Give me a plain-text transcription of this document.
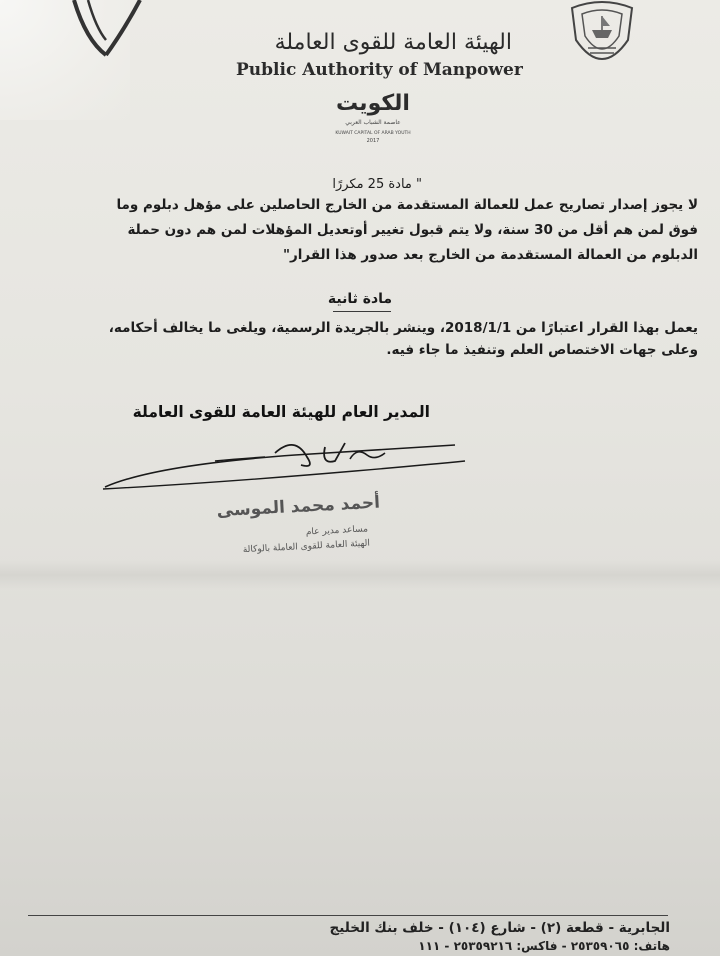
الهيئة العامة للقوى العاملة
Public Authority of Manpower
الكويت
عاصمة الشباب العربي
KUWAIT CAPITAL OF ARAB YOUTH
2017
" مادة 25 مكررًا
لا يجوز إصدار تصاريح عمل للعمالة المستقدمة من الخارج الحاصلين على مؤهل دبلوم وما فوق لمن هم أقل من 30 سنة، ولا يتم قبول تغيير أوتعديل المؤهلات لمن هم دون حملة الدبلوم من العمالة المستقدمة من الخارج بعد صدور هذا القرار"
مادة ثانية
يعمل بهذا القرار اعتبارًا من 2018/1/1، وينشر بالجريدة الرسمية، ويلغى ما يخالف أحكامه، وعلى جهات الاختصاص العلم وتنفيذ ما جاء فيه.
المدير العام للهيئة العامة للقوى العاملة
أحمد محمد الموسى
مساعد مدير عام
الهيئة العامة للقوى العاملة بالوكالة
الجابرية - قطعة (٢) - شارع (١٠٤) - خلف بنك الخليج
هاتف: ٢٥٣٥٩٠٦٥ - فاكس: ٢٥٣٥٩٢١٦ - ١١١
